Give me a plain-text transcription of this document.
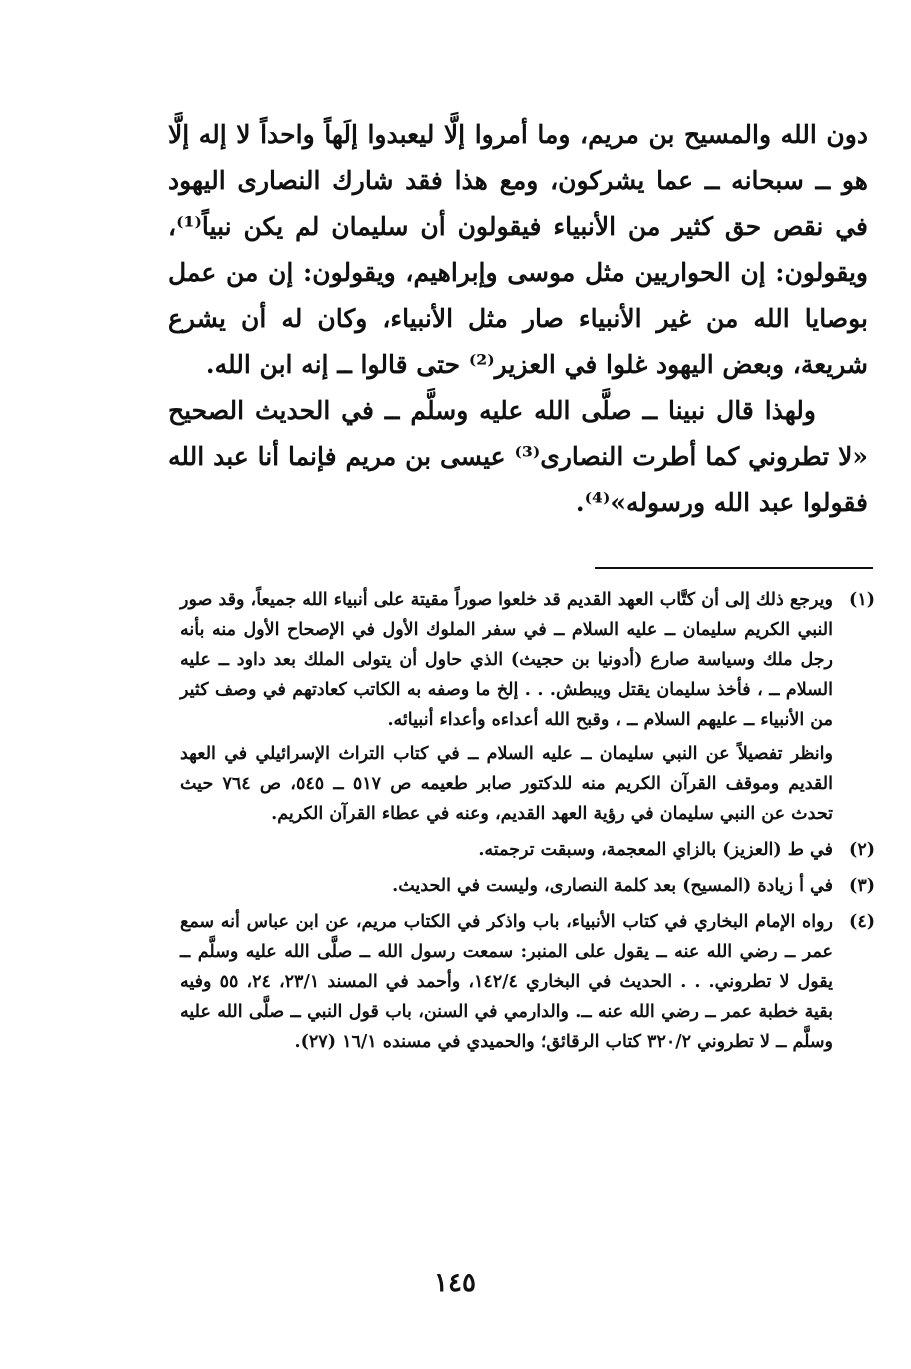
دون الله والمسيح بن مريم، وما أمروا إلَّا ليعبدوا إلَهاً واحداً لا إله إلَّا هو ــ سبحانه ــ عما يشركون، ومع هذا فقد شارك النصارى اليهود في نقص حق كثير من الأنبياء فيقولون أن سليمان لم يكن نبياً⁽¹⁾، ويقولون: إن الحواريين مثل موسى وإبراهيم، ويقولون: إن من عمل بوصايا الله من غير الأنبياء صار مثل الأنبياء، وكان له أن يشرع شريعة، وبعض اليهود غلوا في العزير⁽²⁾ حتى قالوا ــ إنه ابن الله.

ولهذا قال نبينا ــ صلَّى الله عليه وسلَّم ــ في الحديث الصحيح «لا تطروني كما أطرت النصارى⁽³⁾ عيسى بن مريم فإنما أنا عبد الله فقولوا عبد الله ورسوله»⁽⁴⁾.

(١)

ويرجع ذلك إلى أن كتَّاب العهد القديم قد خلعوا صوراً مقيتة على أنبياء الله جميعاً، وقد صور النبي الكريم سليمان ــ عليه السلام ــ في سفر الملوك الأول في الإصحاح الأول منه بأنه رجل ملك وسياسة صارع (أدونيا بن حجيث) الذي حاول أن يتولى الملك بعد داود ــ عليه السلام ــ ، فأخذ سليمان يقتل ويبطش. . . إلخ ما وصفه به الكاتب كعادتهم في وصف كثير من الأنبياء ــ عليهم السلام ــ ، وقبح الله أعداءه وأعداء أنبيائه.

وانظر تفصيلاً عن النبي سليمان ــ عليه السلام ــ في كتاب التراث الإسرائيلي في العهد القديم وموقف القرآن الكريم منه للدكتور صابر طعيمه ص ٥١٧ ــ ٥٤٥، ص ٧٦٤ حيث تحدث عن النبي سليمان في رؤية العهد القديم، وعنه في عطاء القرآن الكريم.

(٢)

في ط (العزيز) بالزاي المعجمة، وسبقت ترجمته.

(٣)

في أ زيادة (المسيح) بعد كلمة النصارى، وليست في الحديث.

(٤)

رواه الإمام البخاري في كتاب الأنبياء، باب واذكر في الكتاب مريم، عن ابن عباس أنه سمع عمر ــ رضي الله عنه ــ يقول على المنبر: سمعت رسول الله ــ صلَّى الله عليه وسلَّم ــ يقول لا تطروني. . . الحديث في البخاري ١٤٢/٤، وأحمد في المسند ٢٣/١، ٢٤، ٥٥ وفيه بقية خطبة عمر ــ رضي الله عنه ــ. والدارمي في السنن، باب قول النبي ــ صلَّى الله عليه وسلَّم ــ لا تطروني ٣٢٠/٢ كتاب الرقائق؛ والحميدي في مسنده ١٦/١ (٢٧).

١٤٥
